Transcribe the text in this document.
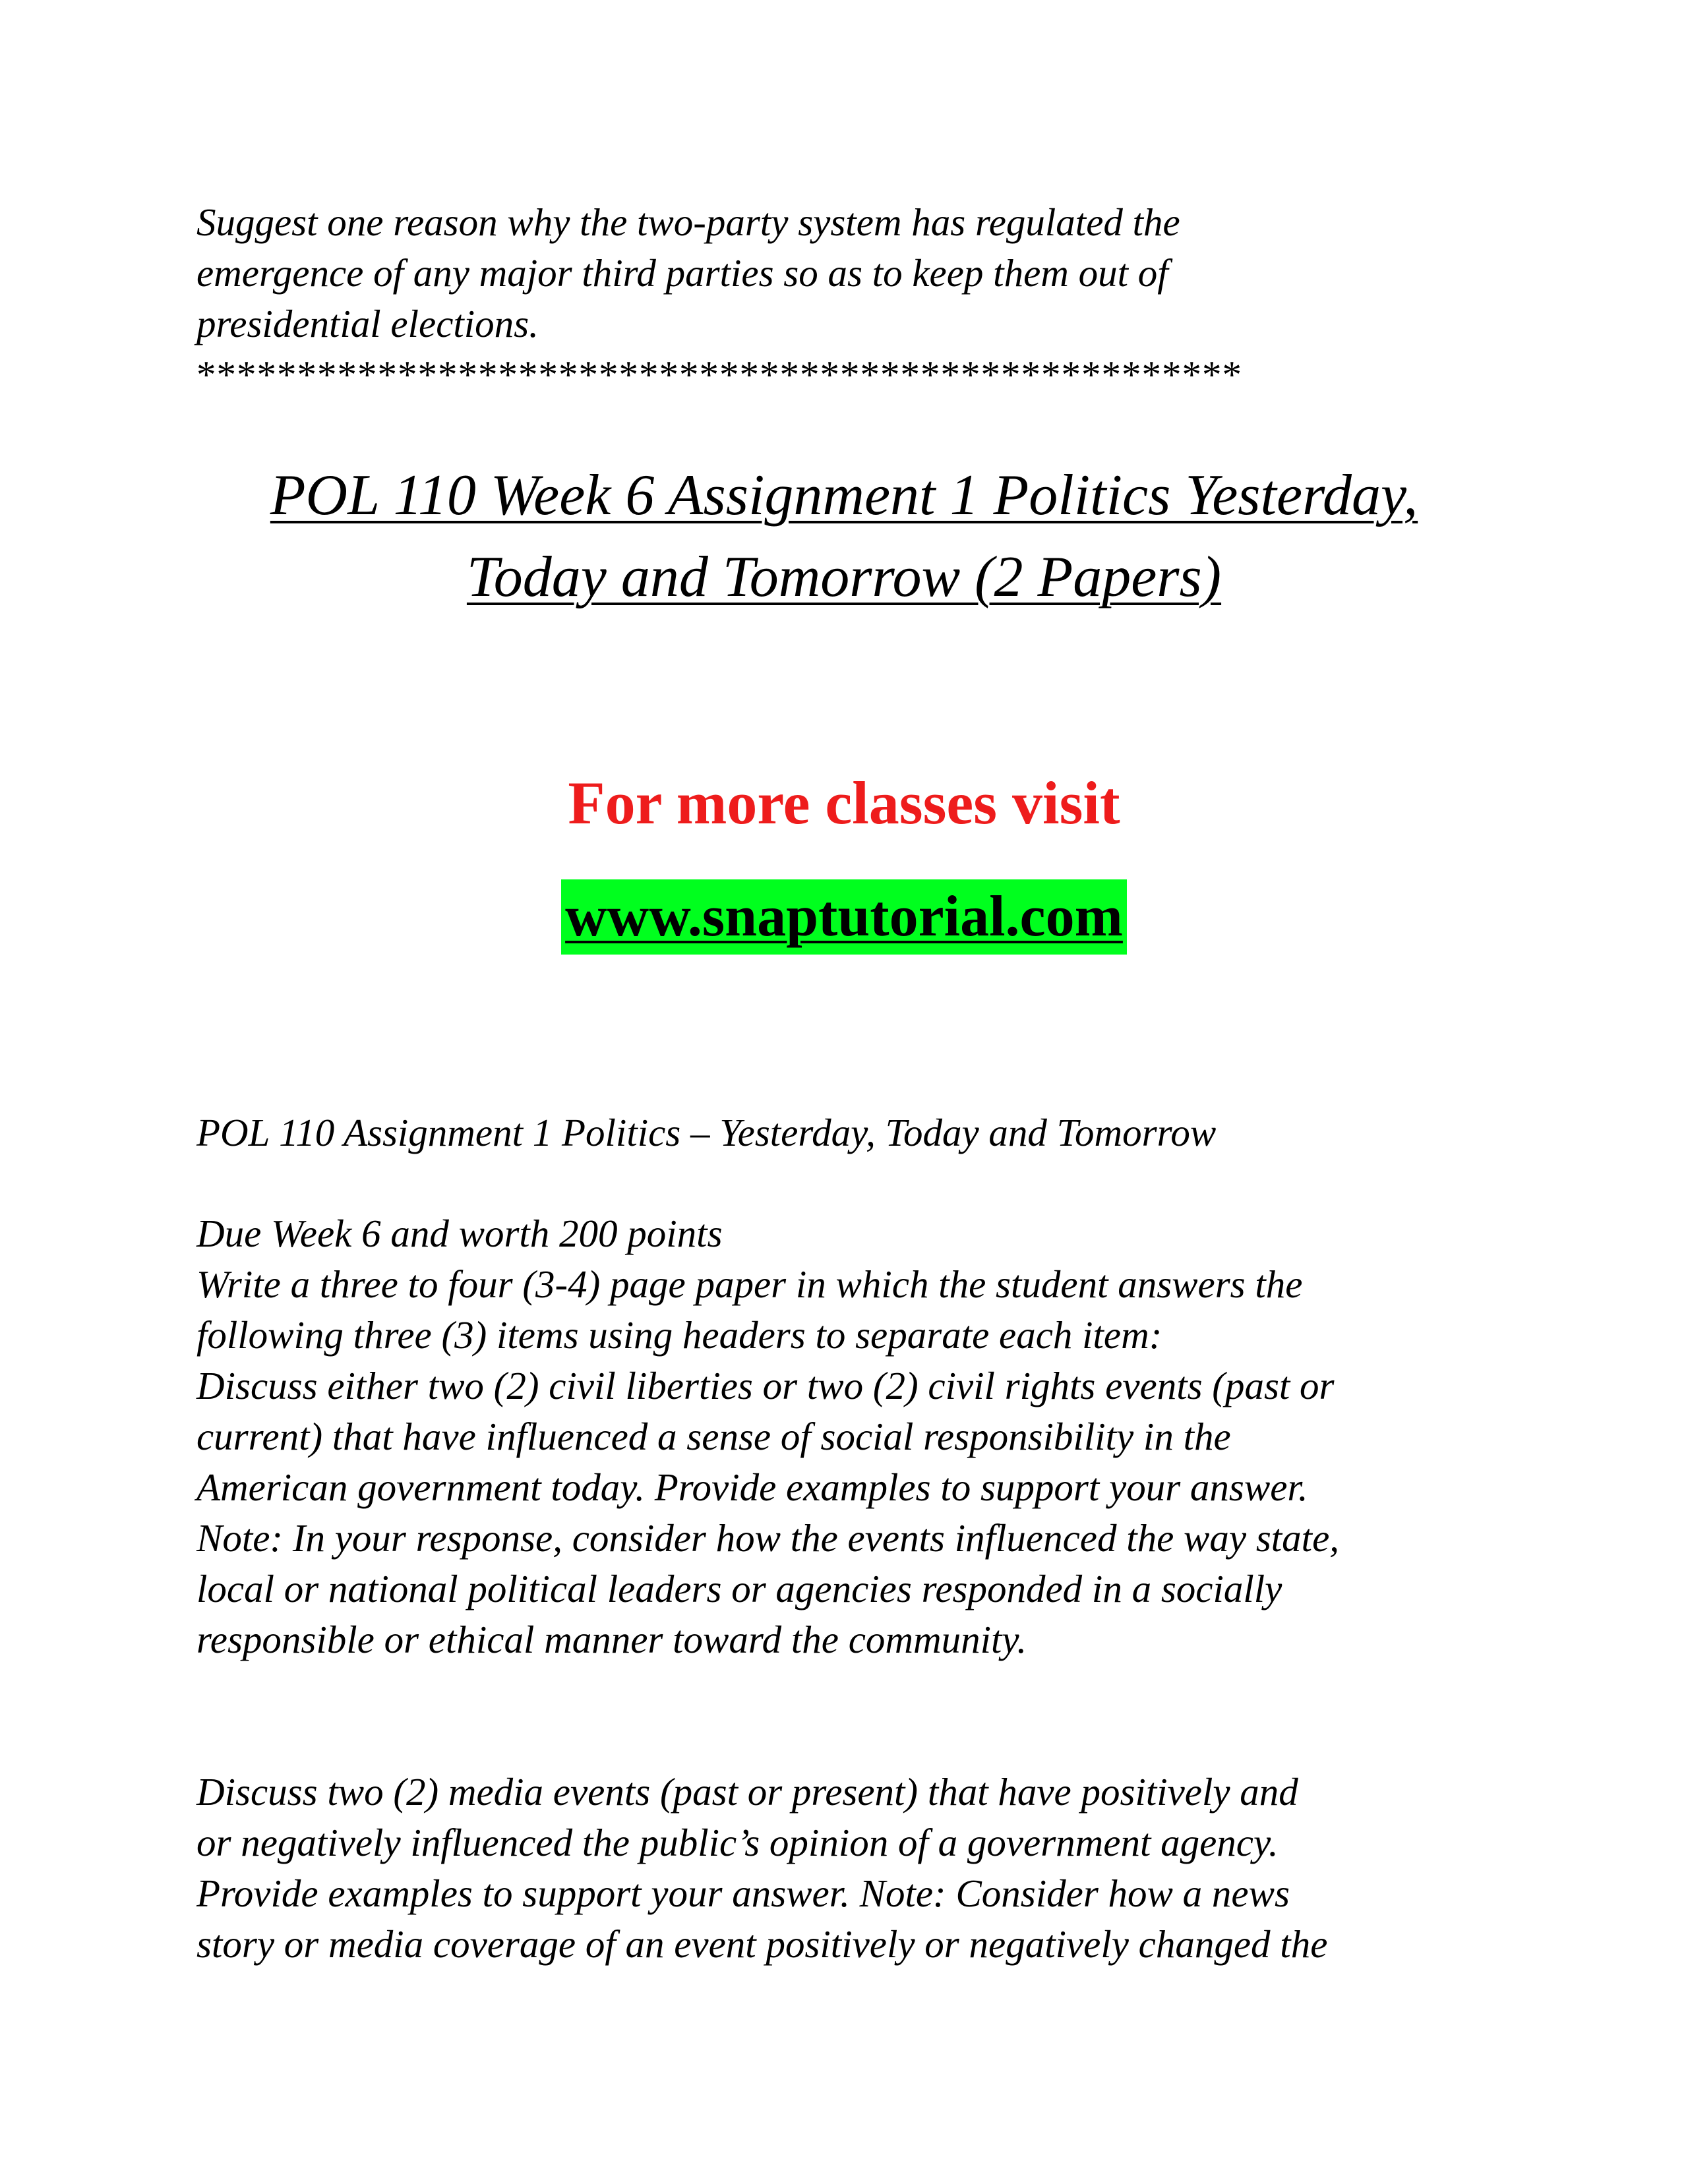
Suggest one reason why the two-party system has regulated the
emergence of any major third parties so as to keep them out of
presidential elections.
****************************************************
POL 110 Week 6 Assignment 1 Politics Yesterday,
Today and Tomorrow (2 Papers)

For more classes visit

www.snaptutorial.com

POL 110 Assignment 1 Politics – Yesterday, Today and Tomorrow

Due Week 6 and worth 200 points
Write a three to four (3-4) page paper in which the student answers the
following three (3) items using headers to separate each item:
Discuss either two (2) civil liberties or two (2) civil rights events (past or
current) that have influenced a sense of social responsibility in the
American government today. Provide examples to support your answer.
Note: In your response, consider how the events influenced the way state,
local or national political leaders or agencies responded in a socially
responsible or ethical manner toward the community.
Discuss two (2) media events (past or present) that have positively and
or negatively influenced the public’s opinion of a government agency.
Provide examples to support your answer. Note: Consider how a news
story or media coverage of an event positively or negatively changed the
